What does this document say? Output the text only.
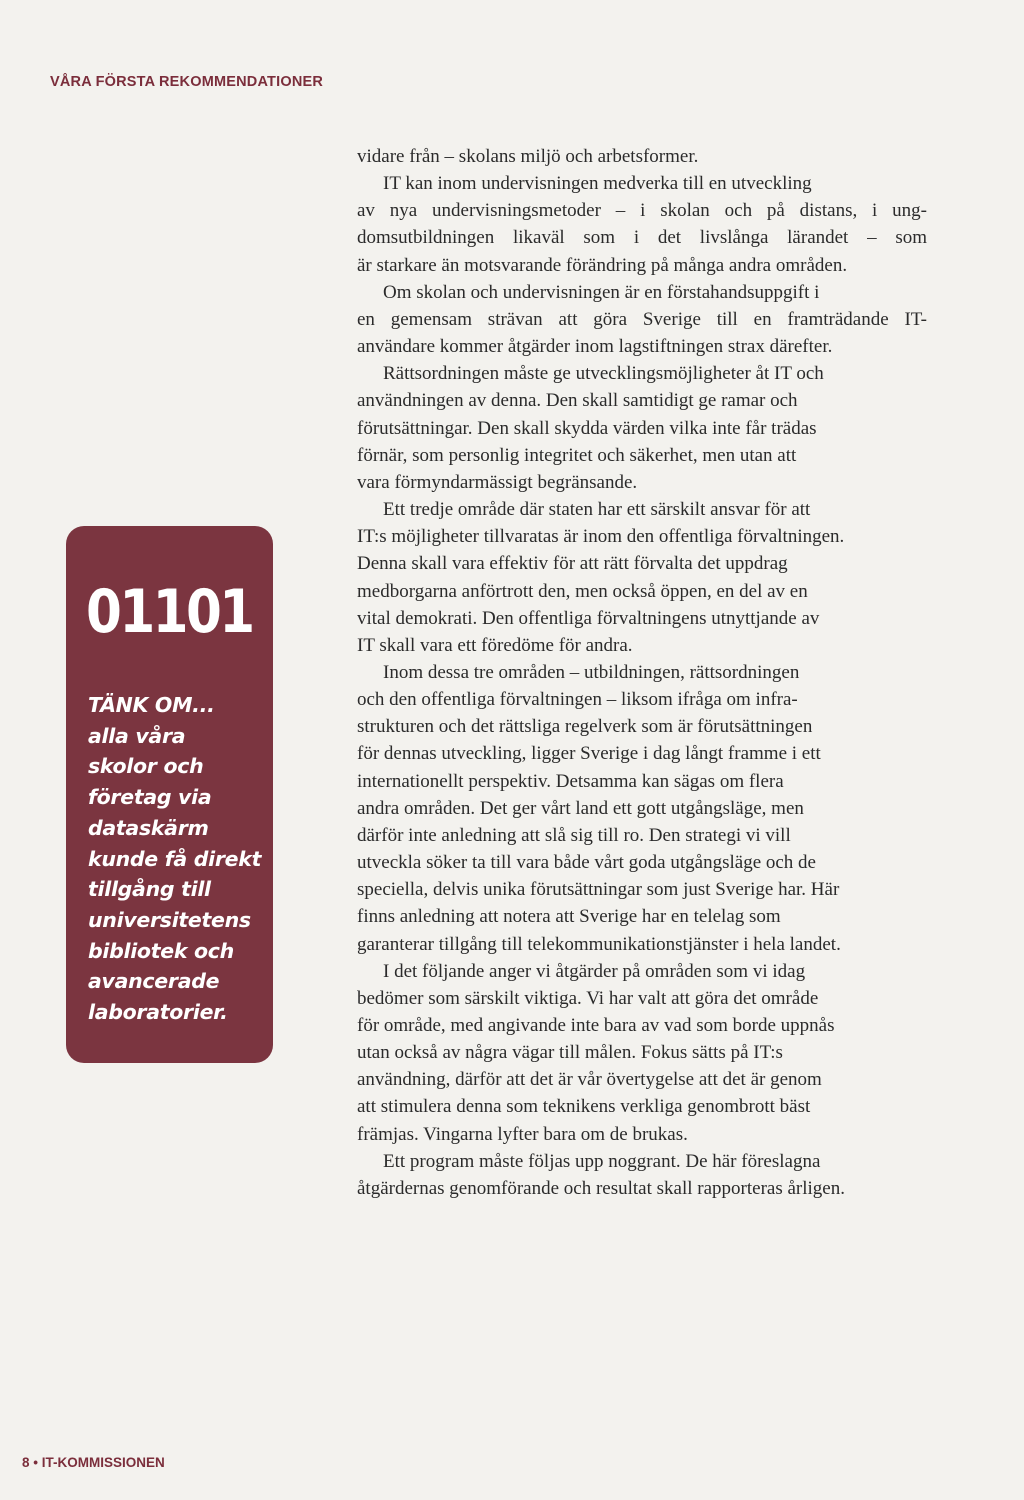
VÅRA FÖRSTA REKOMMENDATIONER
01101
TÄNK OM...
alla våra
skolor och
företag via
dataskärm
kunde få direkt
tillgång till
universitetens
bibliotek och
avancerade
laboratorier.

vidare från – skolans miljö och arbetsformer.

IT kan inom undervisningen medverka till en utveckling
av nya undervisningsmetoder – i skolan och på distans, i ung-
domsutbildningen likaväl som i det livslånga lärandet – som
är starkare än motsvarande förändring på många andra områden.

Om skolan och undervisningen är en förstahandsuppgift i
en gemensam strävan att göra Sverige till en framträdande IT-
användare kommer åtgärder inom lagstiftningen strax därefter.

Rättsordningen måste ge utvecklingsmöjligheter åt IT och
användningen av denna. Den skall samtidigt ge ramar och
förutsättningar. Den skall skydda värden vilka inte får trädas
förnär, som personlig integritet och säkerhet, men utan att
vara förmyndarmässigt begränsande.

Ett tredje område där staten har ett särskilt ansvar för att
IT:s möjligheter tillvaratas är inom den offentliga förvaltningen.
Denna skall vara effektiv för att rätt förvalta det uppdrag
medborgarna anförtrott den, men också öppen, en del av en
vital demokrati. Den offentliga förvaltningens utnyttjande av
IT skall vara ett föredöme för andra.

Inom dessa tre områden – utbildningen, rättsordningen
och den offentliga förvaltningen – liksom ifråga om infra-
strukturen och det rättsliga regelverk som är förutsättningen
för dennas utveckling, ligger Sverige i dag långt framme i ett
internationellt perspektiv. Detsamma kan sägas om flera
andra områden. Det ger vårt land ett gott utgångsläge, men
därför inte anledning att slå sig till ro. Den strategi vi vill
utveckla söker ta till vara både vårt goda utgångsläge och de
speciella, delvis unika förutsättningar som just Sverige har. Här
finns anledning att notera att Sverige har en telelag som
garanterar tillgång till telekommunikationstjänster i hela landet.

I det följande anger vi åtgärder på områden som vi idag
bedömer som särskilt viktiga. Vi har valt att göra det område
för område, med angivande inte bara av vad som borde uppnås
utan också av några vägar till målen. Fokus sätts på IT:s
användning, därför att det är vår övertygelse att det är genom
att stimulera denna som teknikens verkliga genombrott bäst
främjas. Vingarna lyfter bara om de brukas.

Ett program måste följas upp noggrant. De här föreslagna
åtgärdernas genomförande och resultat skall rapporteras årligen.

8 • IT-KOMMISSIONEN
